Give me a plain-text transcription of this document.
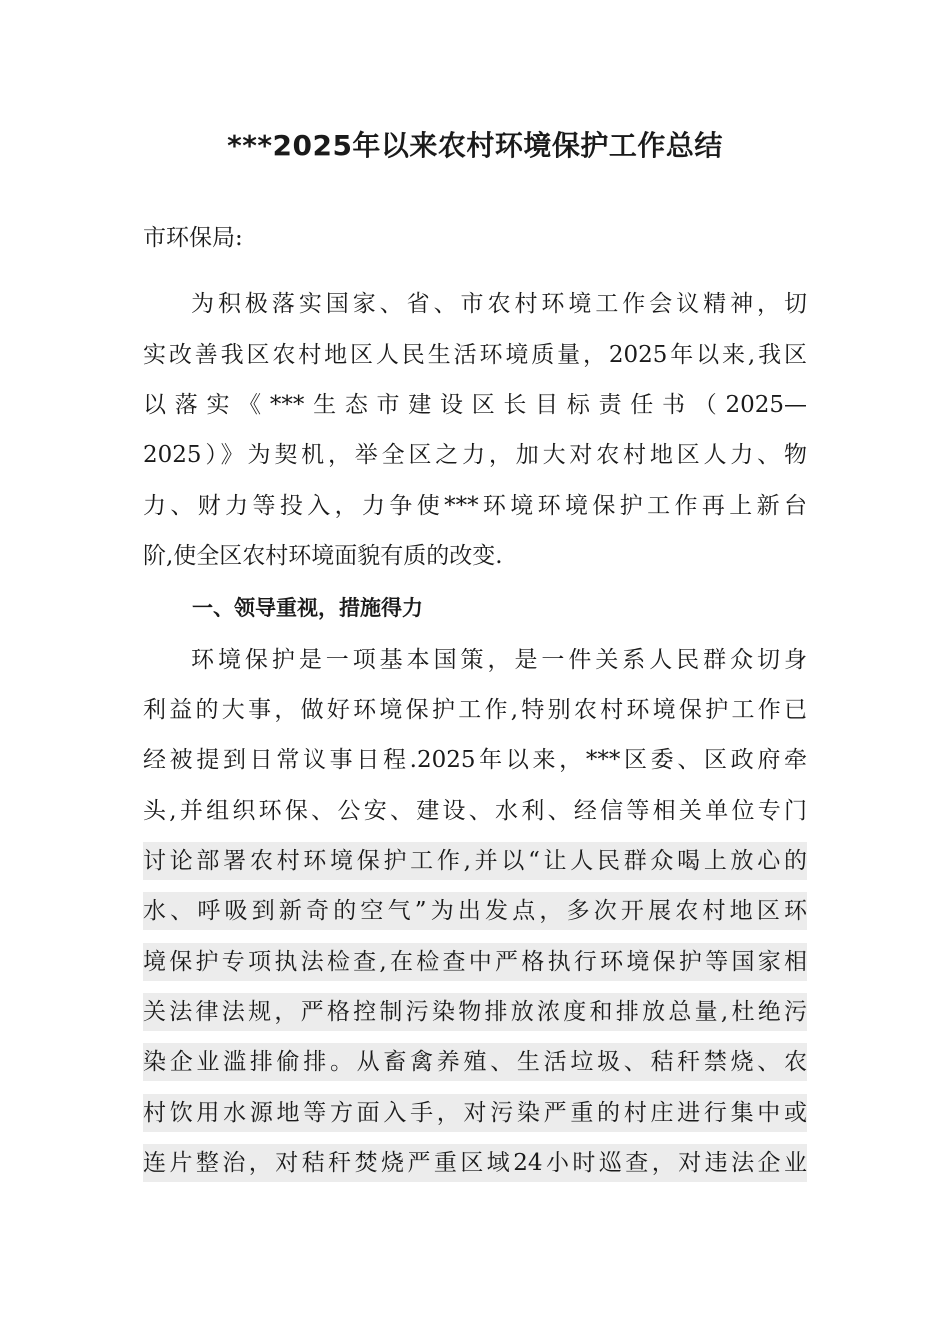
***2025年以来农村环境保护工作总结
市环保局:
为积极落实国家、省、市农村环境工作会议精神，切
实改善我区农村地区人民生活环境质量，2025年以来,我区
以落实《***生态市建设区长目标责任书（2025—
2025）》为契机，举全区之力，加大对农村地区人力、物
力、财力等投入，力争使***环境环境保护工作再上新台
阶,使全区农村环境面貌有质的改变.
一、领导重视，措施得力
环境保护是一项基本国策，是一件关系人民群众切身
利益的大事，做好环境保护工作,特别农村环境保护工作已
经被提到日常议事日程.2025年以来，***区委、区政府牵
头,并组织环保、公安、建设、水利、经信等相关单位专门
讨论部署农村环境保护工作,并以“让人民群众喝上放心的
水、呼吸到新奇的空气”为出发点，多次开展农村地区环
境保护专项执法检查,在检查中严格执行环境保护等国家相
关法律法规，严格控制污染物排放浓度和排放总量,杜绝污
染企业滥排偷排。从畜禽养殖、生活垃圾、秸秆禁烧、农
村饮用水源地等方面入手，对污染严重的村庄进行集中或
连片整治，对秸秆焚烧严重区域24小时巡查，对违法企业
